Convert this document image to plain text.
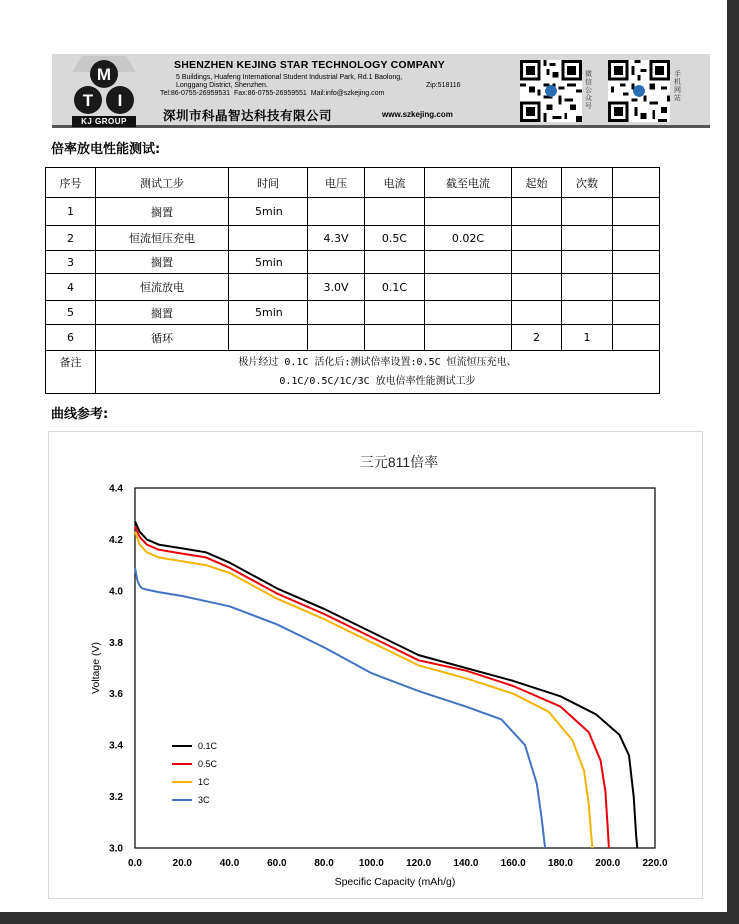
M
T I
KJ GROUP
SHENZHEN KEJING STAR TECHNOLOGY COMPANY
5 Buildings, Huafeng International Student Industrial Park, Rd.1 Baolong,
Longgang District, Shenzhen.	Zip:518116
Tel:86-0755-26959531 Fax:86-0755-26959551 Mail:info@szkejing.com
深圳市科晶智达科技有限公司	www.szkejing.com
微信公众号
手机网站
倍率放电性能测试:
序号	测试工步	时间	电压	电流	截至电流	起始	次数	
1	搁置	5min						
2	恒流恒压充电		4.3V	0.5C	0.02C			
3	搁置	5min						
4	恒流放电		3.0V	0.1C				
5	搁置	5min						
6	循环					2	1	
备注	极片经过 0.1C 活化后:测试倍率设置:0.5C 恒流恒压充电、
0.1C/0.5C/1C/3C 放电倍率性能测试工步							
曲线参考:
三元811倍率
3.0
3.2
3.4
3.6
3.8
4.0
4.2
4.4
0.0	20.0	40.0	60.0	80.0	100.0 120.0 140.0 160.0 180.0 200.0 220.0
Voltage (V)
Specific Capacity (mAh/g)
0.1C
0.5C
1C
3C
